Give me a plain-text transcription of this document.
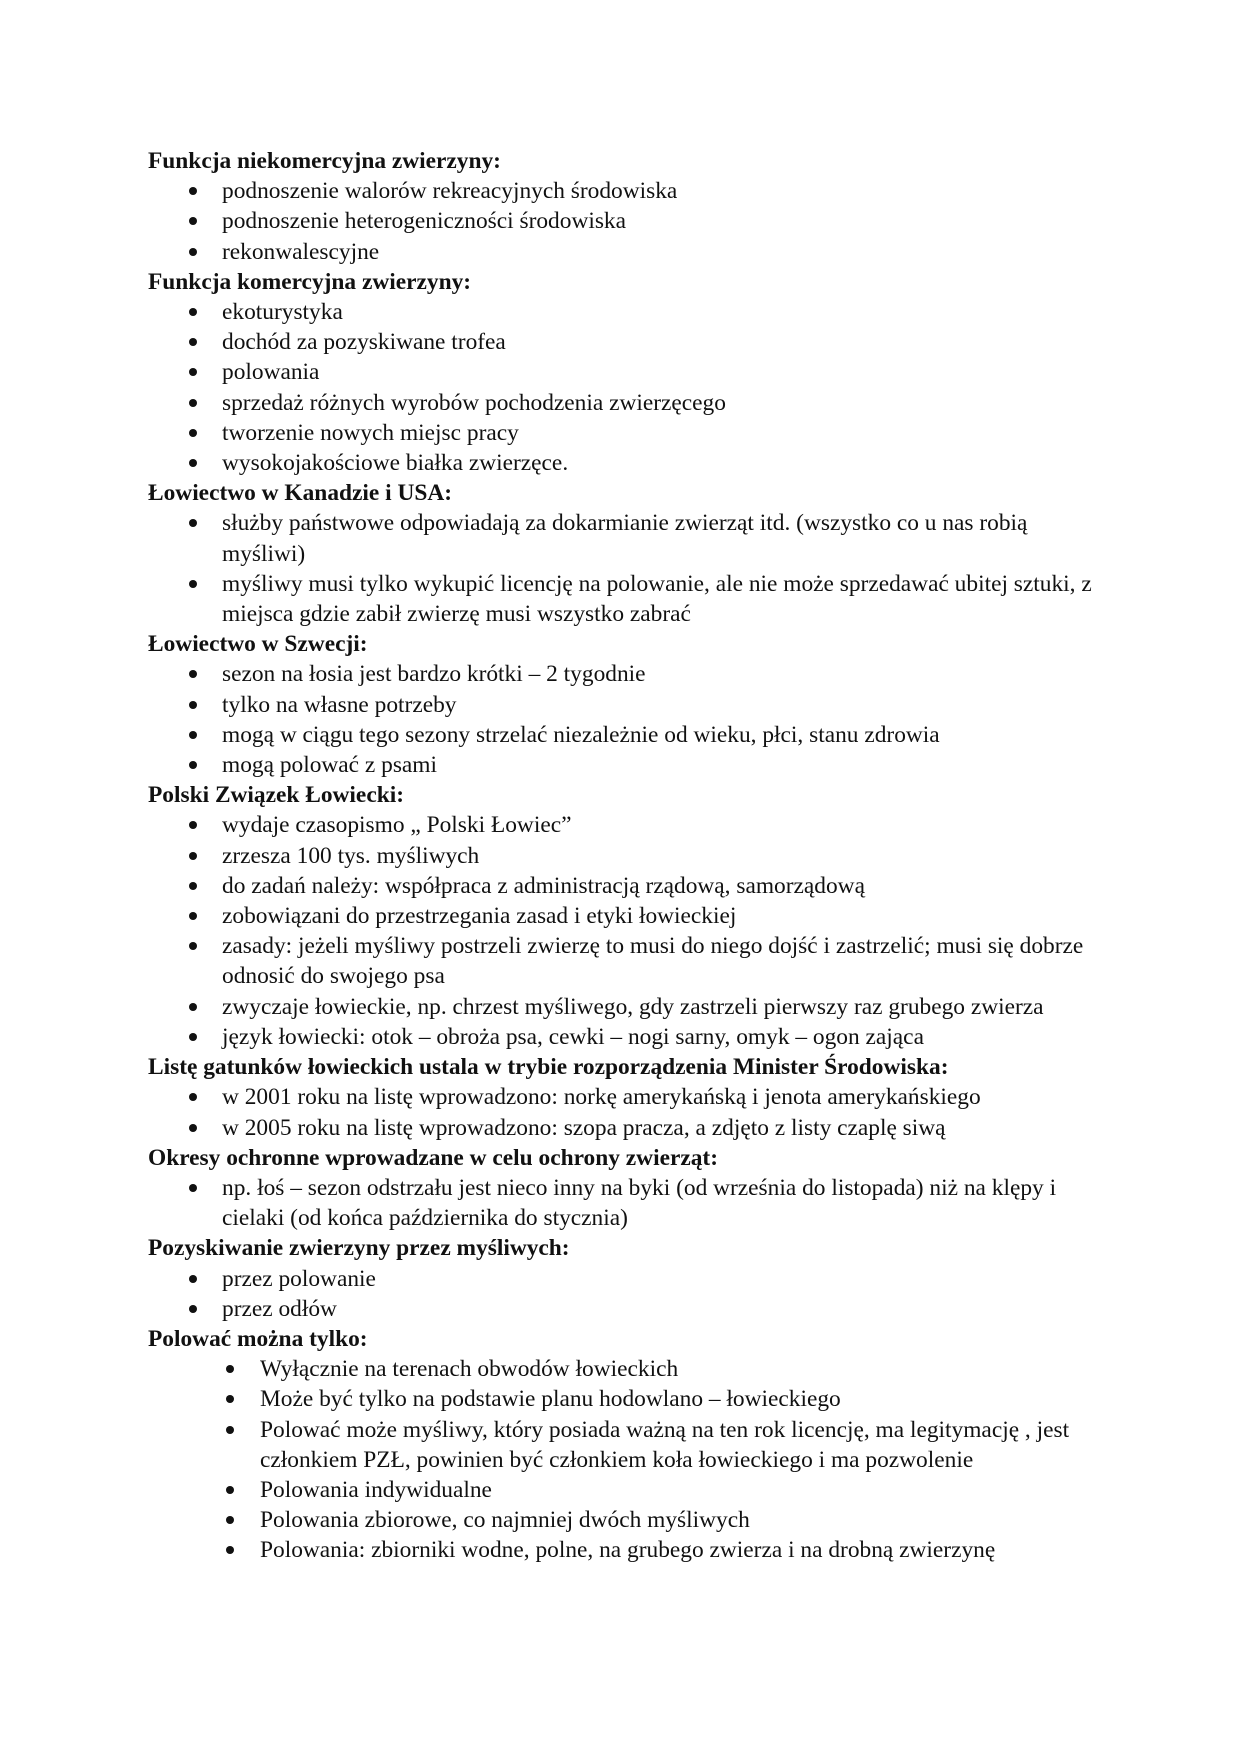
Funkcja niekomercyjna zwierzyny:

podnoszenie walorów rekreacyjnych środowiska
podnoszenie heterogeniczności środowiska
rekonwalescyjne

Funkcja komercyjna zwierzyny:

ekoturystyka
dochód za pozyskiwane trofea
polowania
sprzedaż różnych wyrobów pochodzenia zwierzęcego
tworzenie nowych miejsc pracy
wysokojakościowe białka zwierzęce.

Łowiectwo w Kanadzie i USA:

służby państwowe odpowiadają za dokarmianie zwierząt itd. (wszystko co u nas robią myśliwi)
myśliwy musi tylko wykupić licencję na polowanie, ale nie może sprzedawać ubitej sztuki, z miejsca gdzie zabił zwierzę musi wszystko zabrać

Łowiectwo w Szwecji:

sezon na łosia jest bardzo krótki – 2 tygodnie
tylko na własne potrzeby
mogą w ciągu tego sezony strzelać niezależnie od wieku, płci, stanu zdrowia
mogą polować z psami

Polski Związek Łowiecki:

wydaje czasopismo „ Polski Łowiec”
zrzesza 100 tys. myśliwych
do zadań należy: współpraca z administracją rządową, samorządową
zobowiązani do przestrzegania zasad i etyki łowieckiej
zasady: jeżeli myśliwy postrzeli zwierzę to musi do niego dojść i zastrzelić; musi się dobrze odnosić do swojego psa
zwyczaje łowieckie, np. chrzest myśliwego, gdy zastrzeli pierwszy raz grubego zwierza
język łowiecki: otok – obroża psa, cewki – nogi sarny, omyk – ogon zająca

Listę gatunków łowieckich ustala w trybie rozporządzenia Minister Środowiska:

w 2001 roku na listę wprowadzono: norkę amerykańską i jenota amerykańskiego
w 2005 roku na listę wprowadzono: szopa pracza, a zdjęto z listy czaplę siwą

Okresy ochronne wprowadzane w celu ochrony zwierząt:

np. łoś – sezon odstrzału jest nieco inny na byki (od września do listopada) niż na klępy i cielaki (od końca października do stycznia)

Pozyskiwanie zwierzyny przez myśliwych:

przez polowanie
przez odłów

Polować można tylko:

Wyłącznie na terenach obwodów łowieckich
Może być tylko na podstawie planu hodowlano – łowieckiego
Polować może myśliwy, który posiada ważną na ten rok licencję, ma legitymację , jest członkiem PZŁ, powinien być członkiem koła łowieckiego i ma pozwolenie
Polowania indywidualne
Polowania zbiorowe, co najmniej dwóch myśliwych
Polowania: zbiorniki wodne, polne, na grubego zwierza i na drobną zwierzynę
